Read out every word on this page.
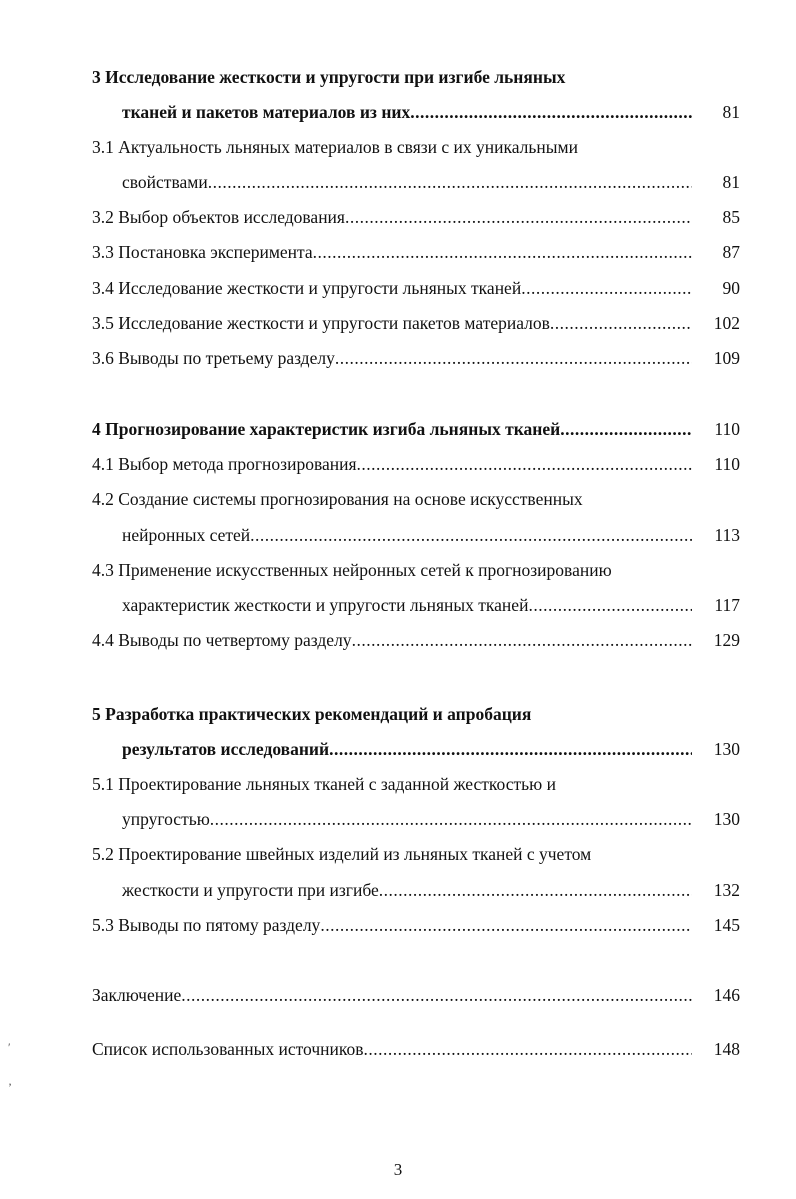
3 Исследование жесткости и упругости при изгибе льняных
тканей и пакетов материалов из них .....	81
3.1 Актуальность льняных материалов в связи с их уникальными
свойствами .....	81
3.2 Выбор объектов исследования .....	85
3.3 Постановка эксперимента .....	87
3.4 Исследование жесткости и упругости льняных тканей .....	90
3.5 Исследование жесткости и упругости пакетов материалов .....	102
3.6 Выводы по третьему разделу .....	109
4 Прогнозирование характеристик изгиба льняных тканей .....	110
4.1 Выбор метода прогнозирования .....	110
4.2 Создание системы прогнозирования на основе искусственных
нейронных сетей .....	113
4.3 Применение искусственных нейронных сетей к прогнозированию
характеристик жесткости и упругости льняных тканей .....	117
4.4 Выводы по четвертому разделу .....	129
5 Разработка практических рекомендаций и апробация
результатов исследований .....	130
5.1 Проектирование льняных тканей с заданной жесткостью и
упругостью .....	130
5.2 Проектирование швейных изделий из льняных тканей с учетом
жесткости и упругости при изгибе .....	132
5.3 Выводы по пятому разделу .....	145
Заключение .....	146
Список использованных источников .....	148
′
’
3
